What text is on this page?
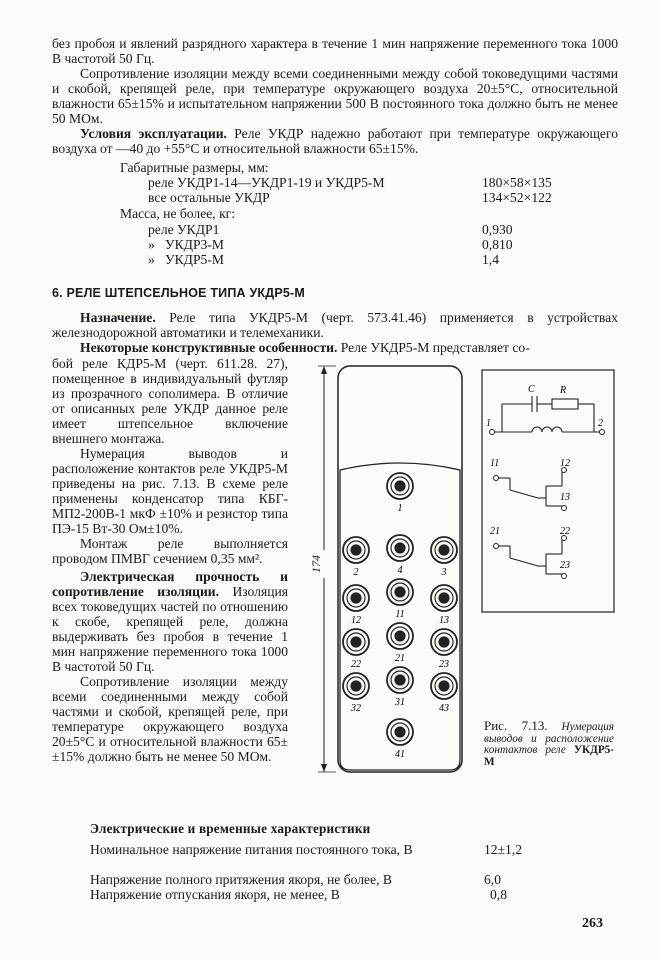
без пробоя и явлений разрядного характера в течение 1 мин напряжение переменного тока 1000 В частотой 50 Гц.

Сопротивление изоляции между всеми соединенными между собой токоведущими частями и скобой, крепящей реле, при температуре окружающего воздуха 20±5°С, относительной влажности 65±15% и испытательном напряжении 500 В постоянного тока должно быть не менее 50 МОм.

Условия эксплуатации. Реле УКДР надежно работают при температуре окружающего воздуха от —40 до +55°С и относительной влажности 65±15%.

Габаритные размеры, мм:
реле УКДР1-14—УКДР1-19 и УКДР5-М	180×58×135
все остальные УКДР	134×52×122
Масса, не более, кг:
реле УКДР1	0,930
»   УКДР3-М	0,810
»   УКДР5-М	1,4
6. РЕЛЕ ШТЕПСЕЛЬНОЕ ТИПА УКДР5-М

Назначение. Реле типа УКДР5-М (черт. 573.41.46) применяется в устройствах железнодорожной автоматики и телемеханики.

Некоторые конструктивные особенности. Реле УКДР5-М представляет со-

бой реле КДР5-М (черт. 611.28. 27), помещенное в индивидуальный футляр из прозрачного сополимера. В отличие от описанных реле УКДР данное реле имеет штепсельное включение внешнего монтажа.

Нумерация выводов и расположение контактов реле УКДР5-М приведены на рис. 7.13. В схеме реле применены конденсатор типа КБГ-МП2-200В-1 мкФ ±10% и резистор типа ПЭ-15 Вт-30 Ом±10%.

Монтаж реле выполняется проводом ПМВГ сечением 0,35 мм².

Электрическая прочность и сопротивление изоляции. Изоляция всех токоведущих частей по отношению к скобе, крепящей реле, должна выдерживать без пробоя в течение 1 мин напряжение переменного тока 1000 В частотой 50 Гц.

Сопротивление изоляции между всеми соединенными между собой частями и скобой, крепящей реле, при температуре окружающего воздуха 20±5°С и относительной влажности 65±±15% должно быть не менее 50 МОм.

174
1
4
2	3
11
12	13
22
21
23
32
31
43
41
C	R
1	2
11	12
13
21	22
23
Рис. 7.13. Нумерация выводов и расположение контактов реле УКДР5-М
Электрические и временные характеристики
Номинальное напряжение питания постоянного тока, В	12±1,2
Напряжение полного притяжения якоря, не более, В	6,0
Напряжение отпускания якоря, не менее, В	0,8
263
